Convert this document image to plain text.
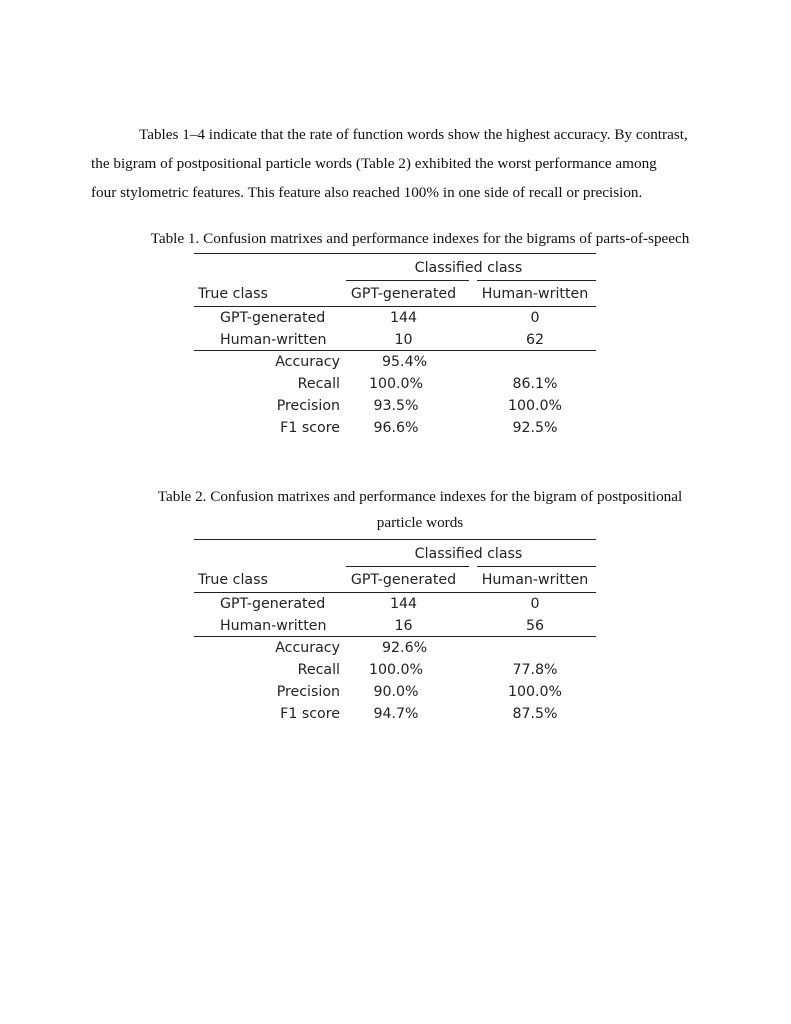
Tables 1–4 indicate that the rate of function words show the highest accuracy. By contrast,

the bigram of postpositional particle words (Table 2) exhibited the worst performance among

four stylometric features. This feature also reached 100% in one side of recall or precision.

Table 1. Confusion matrixes and performance indexes for the bigrams of parts-of-speech
Classified class
True class	GPT-generated	Human-written
GPT-generated	144	0
Human-written	10	62
Accuracy	95.4%
Recall	100.0%	86.1%
Precision	93.5%	100.0%
F1 score	96.6%	92.5%
Table 2. Confusion matrixes and performance indexes for the bigram of postpositional
particle words
Classified class
True class	GPT-generated	Human-written
GPT-generated	144	0
Human-written	16	56
Accuracy	92.6%
Recall	100.0%	77.8%
Precision	90.0%	100.0%
F1 score	94.7%	87.5%
